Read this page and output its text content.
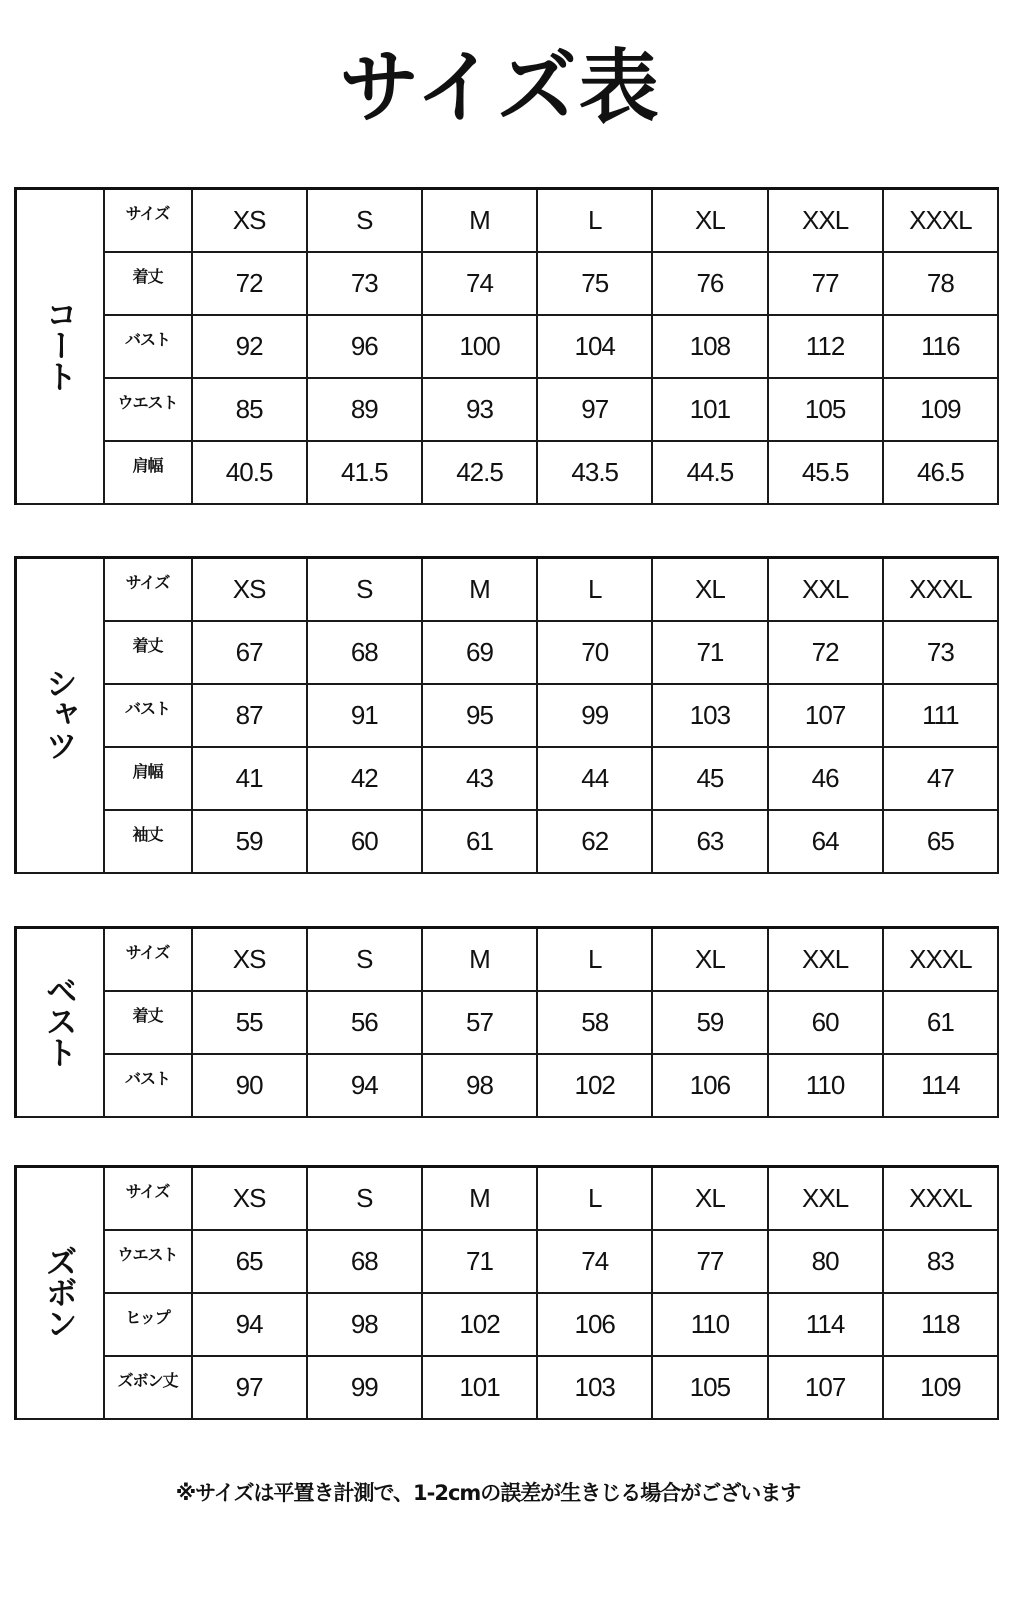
サイズ表
コート	サイズ	XS	S	M	L	XL	XXL	XXXL
	着丈	72	73	74	75	76	77	78
	バスト	92	96	100	104	108	112	116
	ウエスト	85	89	93	97	101	105	109
	肩幅	40.5	41.5	42.5	43.5	44.5	45.5	46.5
シャツ	サイズ	XS	S	M	L	XL	XXL	XXXL
	着丈	67	68	69	70	71	72	73
	バスト	87	91	95	99	103	107	111
	肩幅	41	42	43	44	45	46	47
	袖丈	59	60	61	62	63	64	65
ベスト	サイズ	XS	S	M	L	XL	XXL	XXXL
	着丈	55	56	57	58	59	60	61
	バスト	90	94	98	102	106	110	114
ズボン	サイズ	XS	S	M	L	XL	XXL	XXXL
	ウエスト	65	68	71	74	77	80	83
	ヒップ	94	98	102	106	110	114	118
	ズボン丈	97	99	101	103	105	107	109
※サイズは平置き計測で、1-2cmの誤差が生きじる場合がございます
